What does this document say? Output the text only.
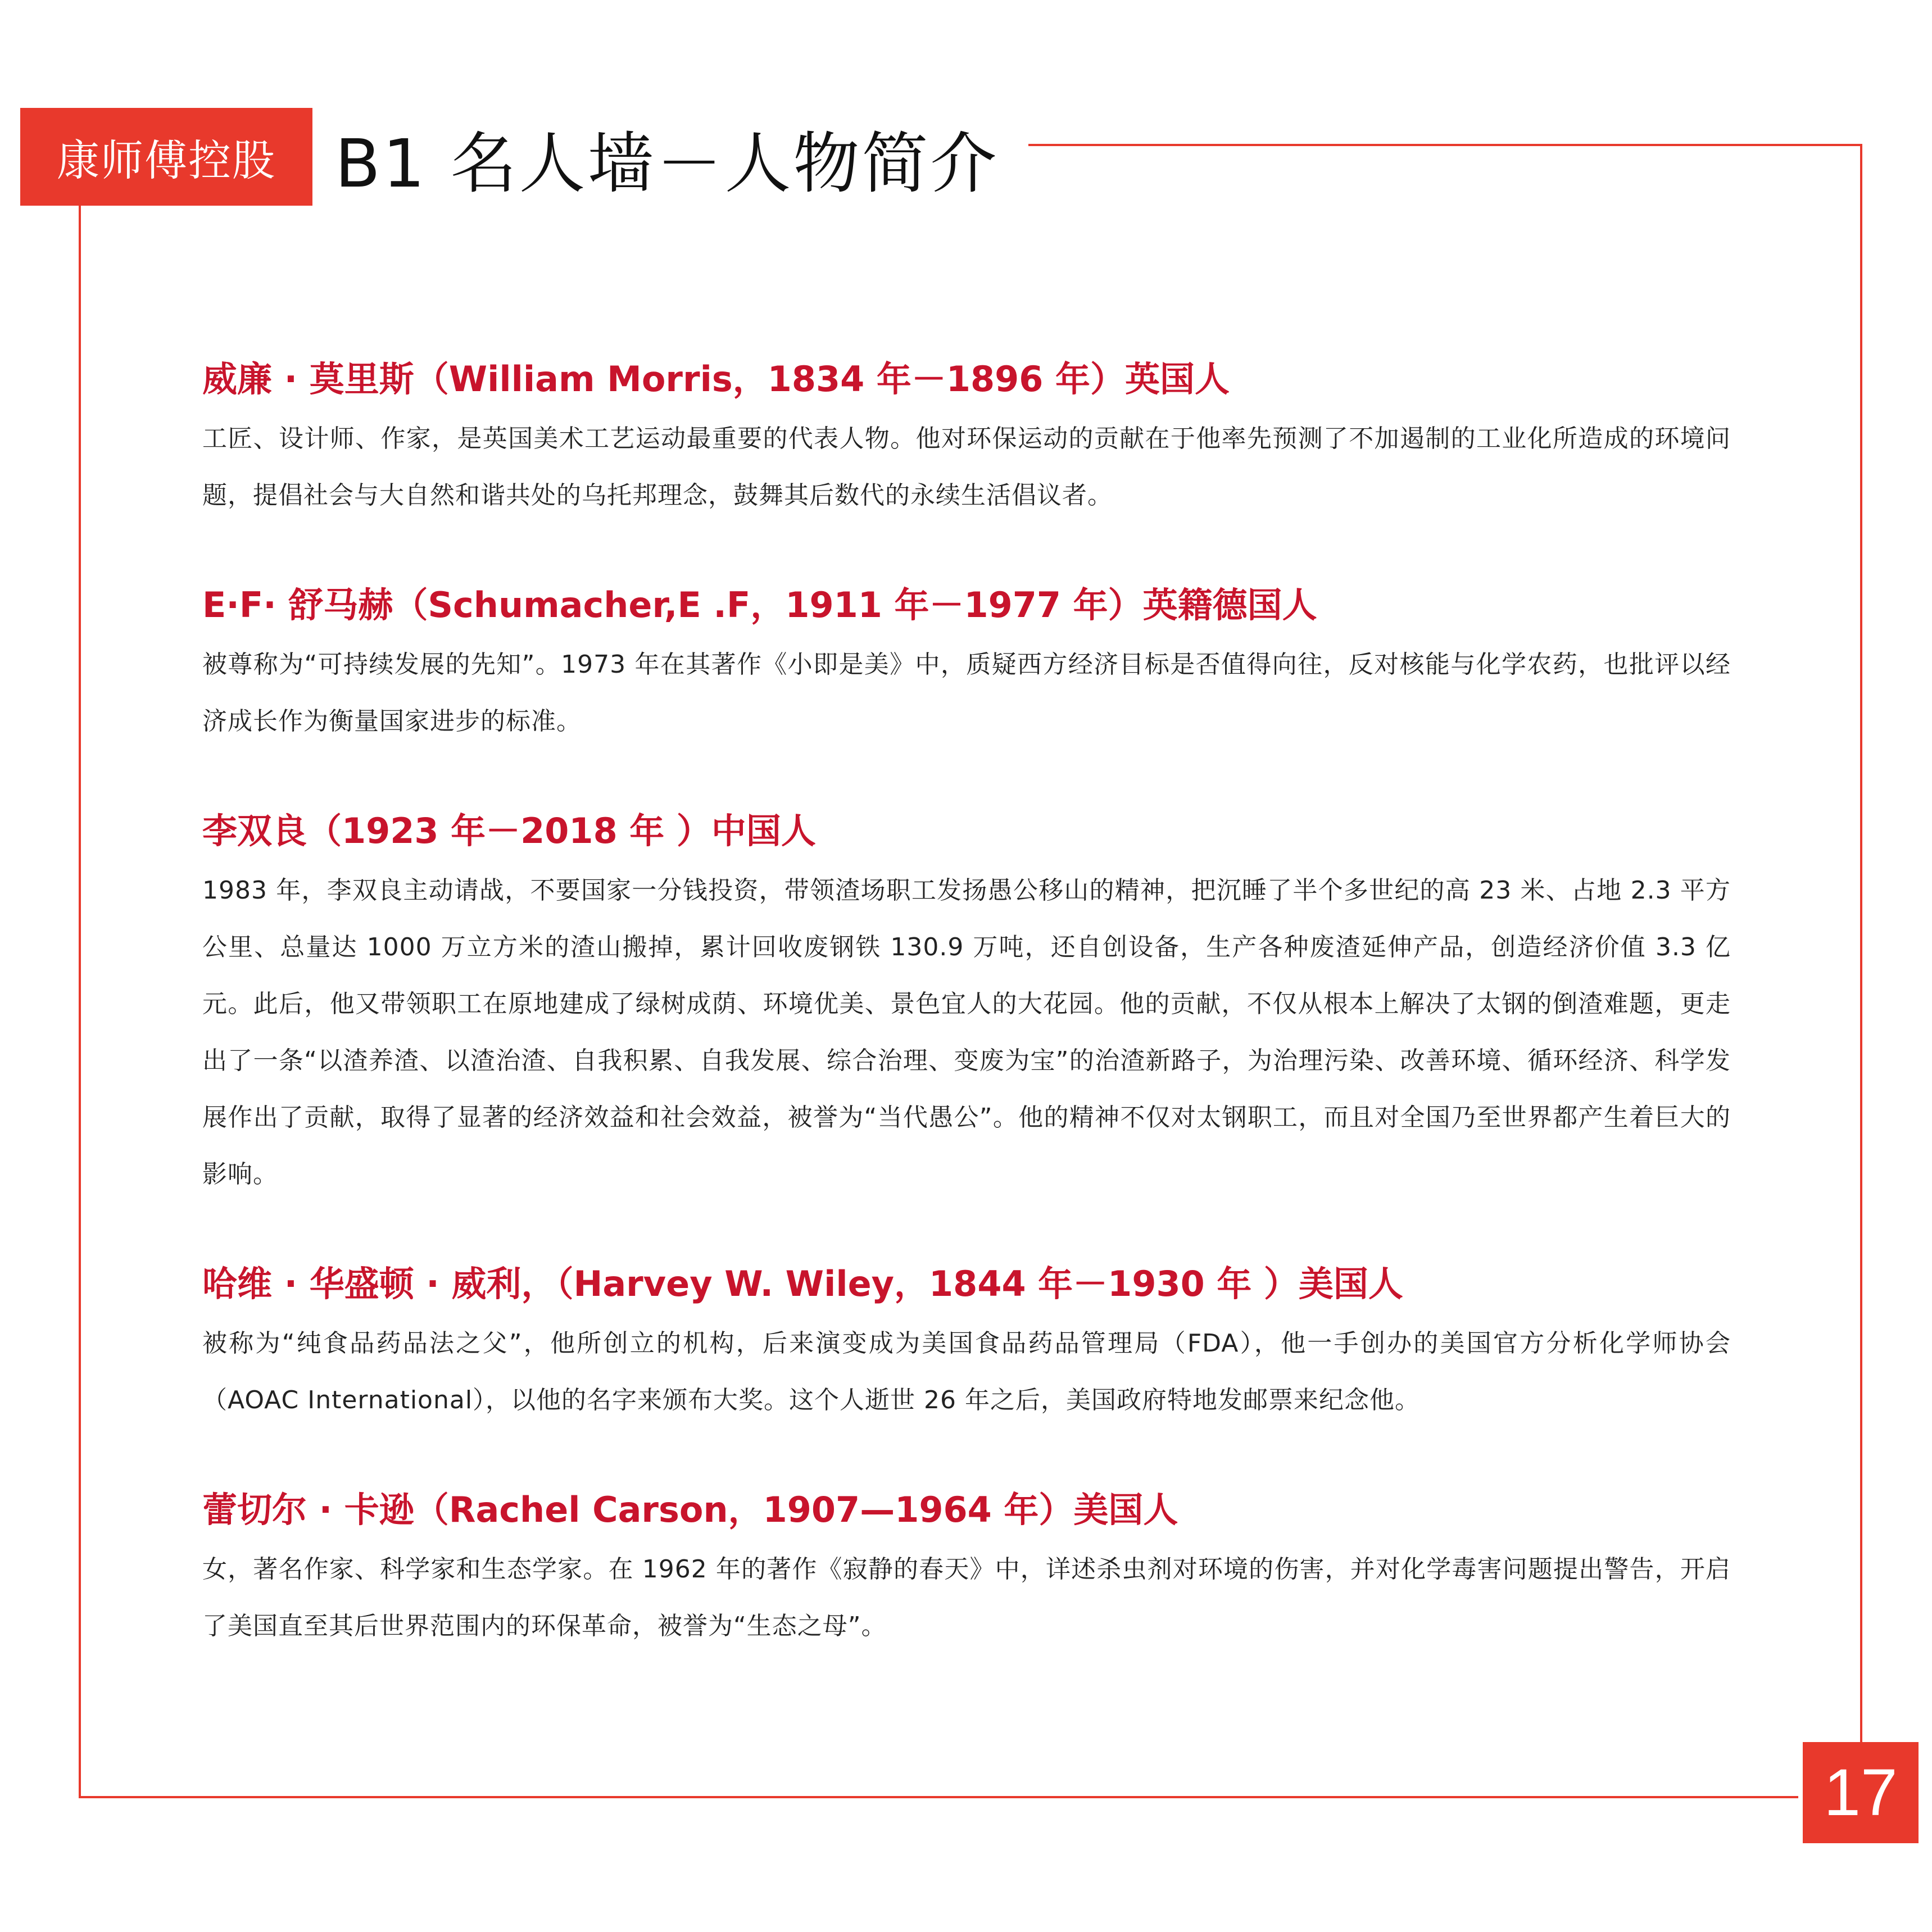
康师傅控股 B1 名人墙－人物简介
威廉 · 莫里斯（William Morris，1834 年－1896 年）英国人
工匠、设计师、作家，是英国美术工艺运动最重要的代表人物。他对环保运动的贡献在于他率先预测了不加遏制的工业化所造成的环境问题，提倡社会与大自然和谐共处的乌托邦理念，鼓舞其后数代的永续生活倡议者。
E·F· 舒马赫（Schumacher,E .F，1911 年－1977 年）英籍德国人
被尊称为“可持续发展的先知”。1973 年在其著作《小即是美》中，质疑西方经济目标是否值得向往，反对核能与化学农药，也批评以经济成长作为衡量国家进步的标准。
李双良（1923 年－2018 年 ）中国人
1983 年，李双良主动请战，不要国家一分钱投资，带领渣场职工发扬愚公移山的精神，把沉睡了半个多世纪的高 23 米、占地 2.3 平方公里、总量达 1000 万立方米的渣山搬掉，累计回收废钢铁 130.9 万吨，还自创设备，生产各种废渣延伸产品，创造经济价值 3.3 亿元。此后，他又带领职工在原地建成了绿树成荫、环境优美、景色宜人的大花园。他的贡献，不仅从根本上解决了太钢的倒渣难题，更走出了一条“以渣养渣、以渣治渣、自我积累、自我发展、综合治理、变废为宝”的治渣新路子，为治理污染、改善环境、循环经济、科学发展作出了贡献，取得了显著的经济效益和社会效益，被誉为“当代愚公”。他的精神不仅对太钢职工，而且对全国乃至世界都产生着巨大的影响。
哈维 · 华盛顿 · 威利，（Harvey W. Wiley，1844 年－1930 年 ）美国人
被称为“纯食品药品法之父”，他所创立的机构，后来演变成为美国食品药品管理局（FDA），他一手创办的美国官方分析化学师协会（AOAC International），以他的名字来颁布大奖。这个人逝世 26 年之后，美国政府特地发邮票来纪念他。
蕾切尔 · 卡逊（Rachel Carson，1907—1964 年）美国人
女，著名作家、科学家和生态学家。在 1962 年的著作《寂静的春天》中，详述杀虫剂对环境的伤害，并对化学毒害问题提出警告，开启了美国直至其后世界范围内的环保革命，被誉为“生态之母”。
17
